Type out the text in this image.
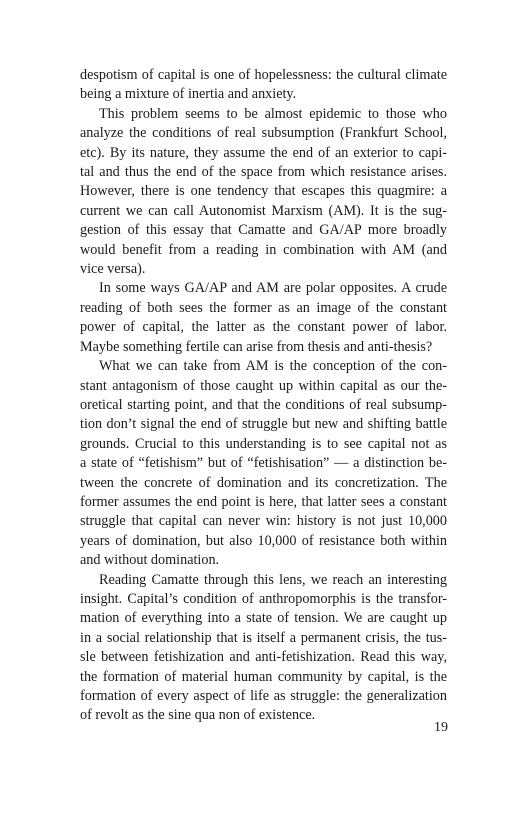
despotism of capital is one of hopelessness: the cultural climate
being a mixture of inertia and anxiety.

This problem seems to be almost epidemic to those who
analyze the conditions of real subsumption (Frankfurt School,
etc). By its nature, they assume the end of an exterior to capi-
tal and thus the end of the space from which resistance arises.
However, there is one tendency that escapes this quagmire: a
current we can call Autonomist Marxism (AM). It is the sug-
gestion of this essay that Camatte and GA/AP more broadly
would benefit from a reading in combination with AM (and
vice versa).

In some ways GA/AP and AM are polar opposites. A crude
reading of both sees the former as an image of the constant
power of capital, the latter as the constant power of labor.
Maybe something fertile can arise from thesis and anti-thesis?

What we can take from AM is the conception of the con-
stant antagonism of those caught up within capital as our the-
oretical starting point, and that the conditions of real subsump-
tion don’t signal the end of struggle but new and shifting battle
grounds. Crucial to this understanding is to see capital not as
a state of “fetishism” but of “fetishisation” — a distinction be-
tween the concrete of domination and its concretization. The
former assumes the end point is here, that latter sees a constant
struggle that capital can never win: history is not just 10,000
years of domination, but also 10,000 of resistance both within
and without domination.

Reading Camatte through this lens, we reach an interesting
insight. Capital’s condition of anthropomorphis is the transfor-
mation of everything into a state of tension. We are caught up
in a social relationship that is itself a permanent crisis, the tus-
sle between fetishization and anti-fetishization. Read this way,
the formation of material human community by capital, is the
formation of every aspect of life as struggle: the generalization
of revolt as the sine qua non of existence.

19
